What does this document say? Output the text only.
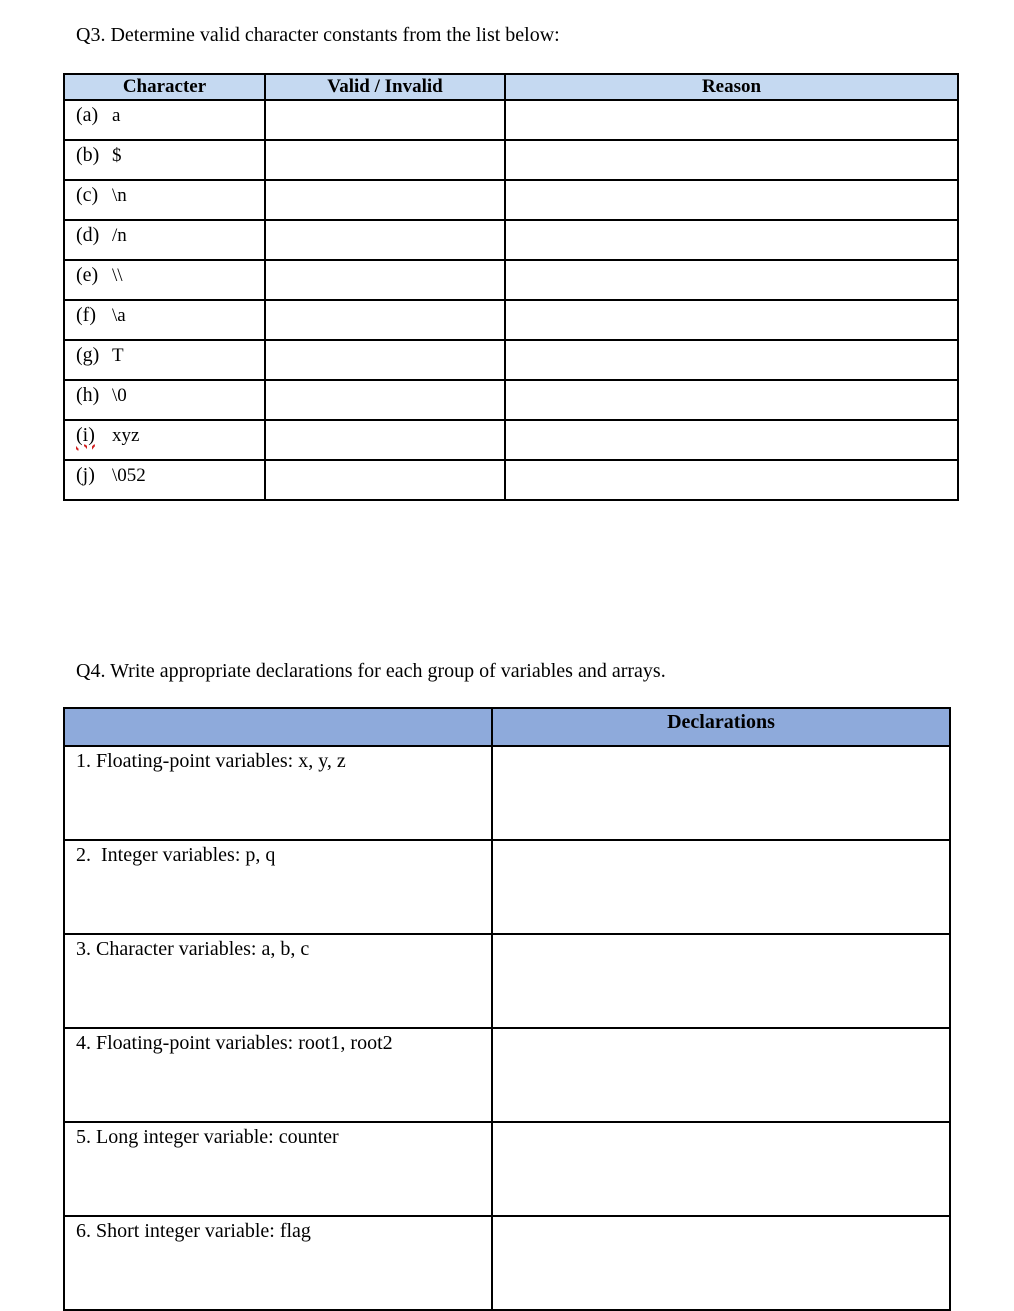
Q3. Determine valid character constants from the list below:
Character	Valid / Invalid	Reason
(a) a		
(b) $		
(c) \n		
(d) /n		
(e) \\		
(f) \a		
(g) T		
(h) \0		
(i) xyz		
(j) \052		
Q4. Write appropriate declarations for each group of variables and arrays.
	Declarations
1. Floating-point variables: x, y, z	
2.  Integer variables: p, q	
3. Character variables: a, b, c	
4. Floating-point variables: root1, root2	
5. Long integer variable: counter	
6. Short integer variable: flag	
